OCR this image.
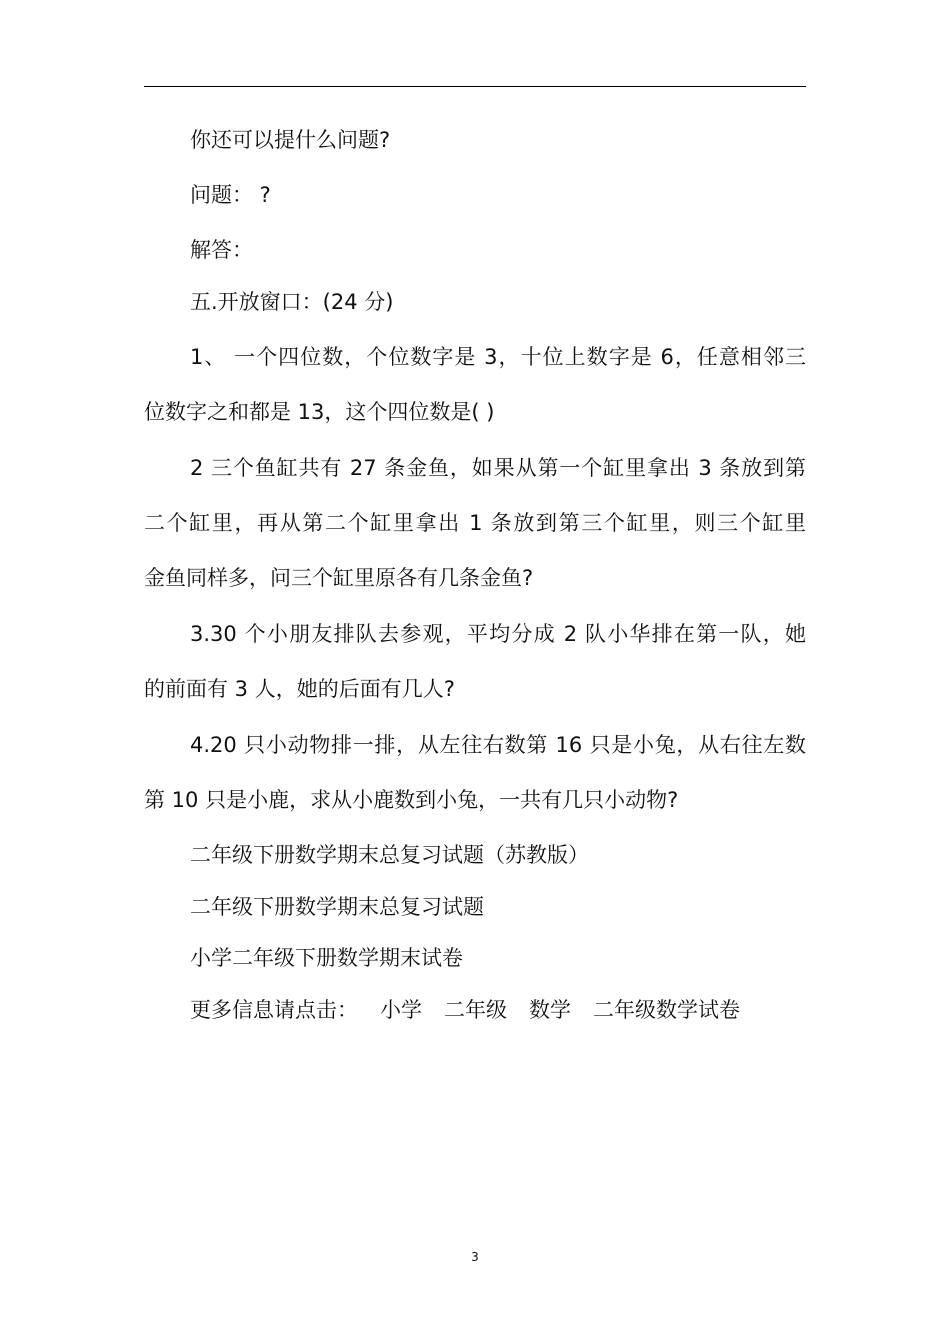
你还可以提什么问题?
问题： ?
解答：
五.开放窗口：(24 分)
1、 一个四位数，个位数字是 3，十位上数字是 6，任意相邻三
位数字之和都是 13，这个四位数是( )
2 三个鱼缸共有 27 条金鱼，如果从第一个缸里拿出 3 条放到第
二个缸里，再从第二个缸里拿出 1 条放到第三个缸里，则三个缸里
金鱼同样多，问三个缸里原各有几条金鱼?
3.30 个小朋友排队去参观，平均分成 2 队小华排在第一队，她
的前面有 3 人，她的后面有几人?
4.20 只小动物排一排，从左往右数第 16 只是小兔，从右往左数
第 10 只是小鹿，求从小鹿数到小兔，一共有几只小动物?
二年级下册数学期末总复习试题（苏教版）
二年级下册数学期末总复习试题
小学二年级下册数学期末试卷
更多信息请点击： 小学 二年级 数学 二年级数学试卷
3
